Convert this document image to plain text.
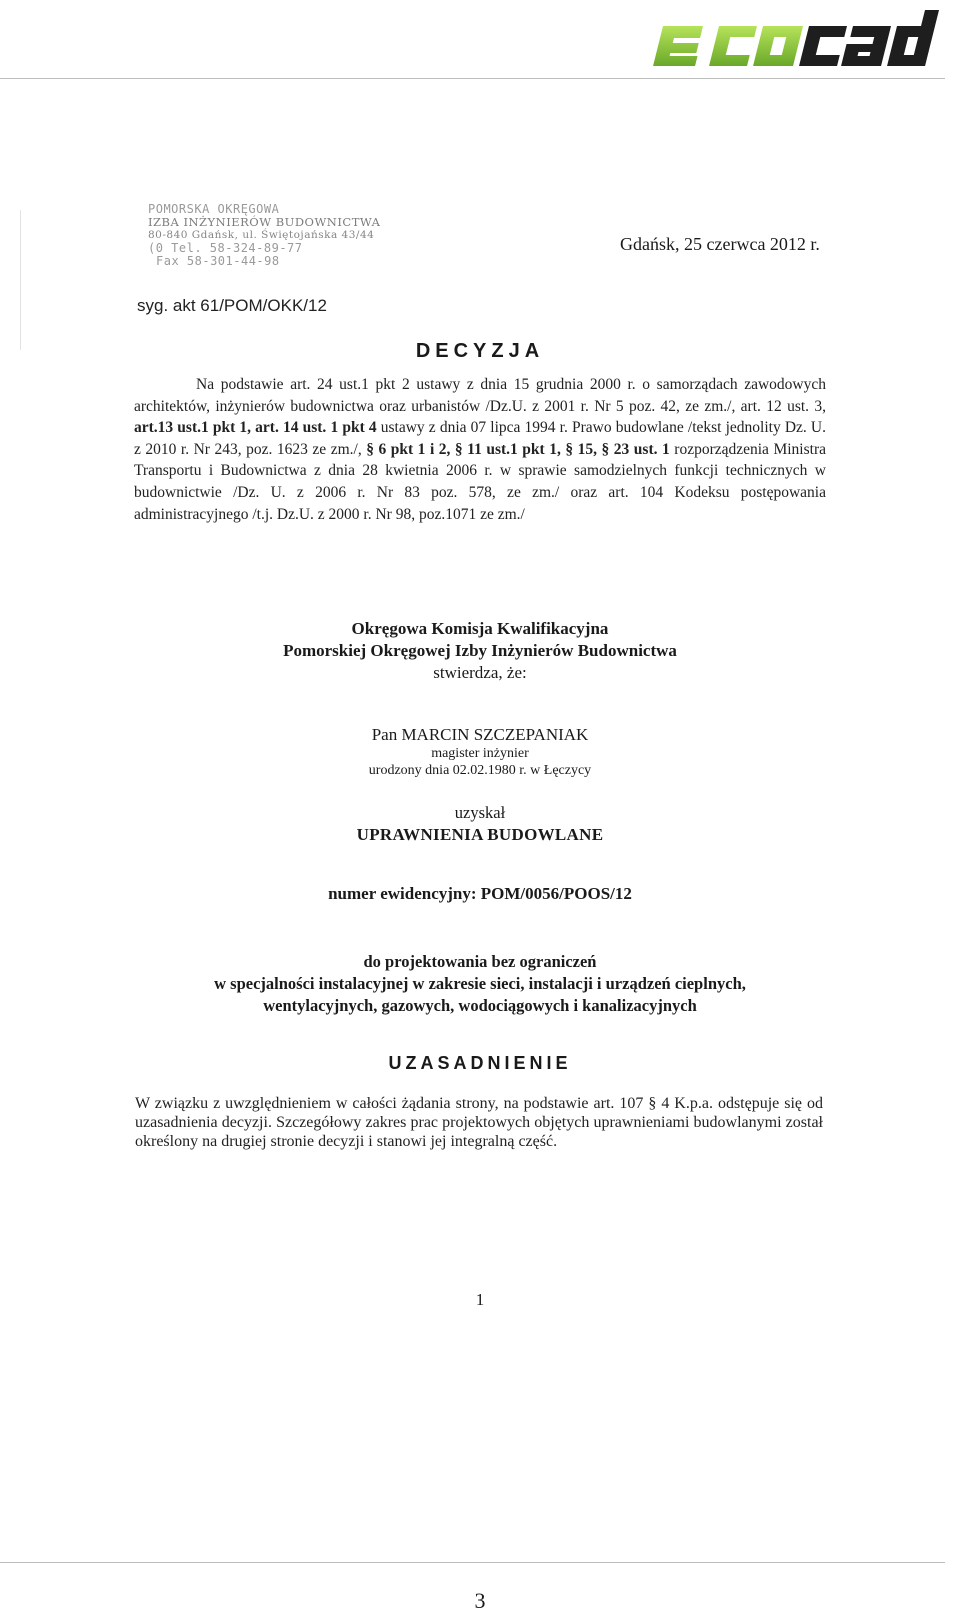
POMORSKA OKRĘGOWA
IZBA INŻYNIERÓW BUDOWNICTWA
80-840 Gdańsk, ul. Świętojańska 43/44
(0 Tel. 58-324-89-77
Fax 58-301-44-98
Gdańsk, 25 czerwca 2012 r.
syg. akt 61/POM/OKK/12
DECYZJA
Na podstawie art. 24 ust.1 pkt 2 ustawy z dnia 15 grudnia 2000 r. o samorządach zawodowych architektów, inżynierów budownictwa oraz urbanistów /Dz.U. z 2001 r. Nr 5 poz. 42, ze zm./, art. 12 ust. 3, art.13 ust.1 pkt 1, art. 14 ust. 1 pkt 4 ustawy z dnia 07 lipca 1994 r. Prawo budowlane /tekst jednolity Dz. U. z 2010 r. Nr 243, poz. 1623 ze zm./, § 6 pkt 1 i 2, § 11 ust.1 pkt 1, § 15, § 23 ust. 1 rozporządzenia Ministra Transportu i Budownictwa z dnia 28 kwietnia 2006 r. w sprawie samodzielnych funkcji technicznych w budownictwie /Dz. U. z 2006 r. Nr 83 poz. 578, ze zm./ oraz art. 104 Kodeksu postępowania administracyjnego /t.j. Dz.U. z 2000 r. Nr 98, poz.1071 ze zm./
Okręgowa Komisja Kwalifikacyjna
Pomorskiej Okręgowej Izby Inżynierów Budownictwa
stwierdza, że:
Pan MARCIN SZCZEPANIAK
magister inżynier
urodzony dnia 02.02.1980 r. w Łęczycy
uzyskał
UPRAWNIENIA BUDOWLANE
numer ewidencyjny: POM/0056/POOS/12
do projektowania bez ograniczeń
w specjalności instalacyjnej w zakresie sieci, instalacji i urządzeń cieplnych,
wentylacyjnych, gazowych, wodociągowych i kanalizacyjnych
UZASADNIENIE
W związku z uwzględnieniem w całości żądania strony, na podstawie art. 107 § 4 K.p.a. odstępuje się od uzasadnienia decyzji. Szczegółowy zakres prac projektowych objętych uprawnieniami budowlanymi został określony na drugiej stronie decyzji i stanowi jej integralną część.
1
3
